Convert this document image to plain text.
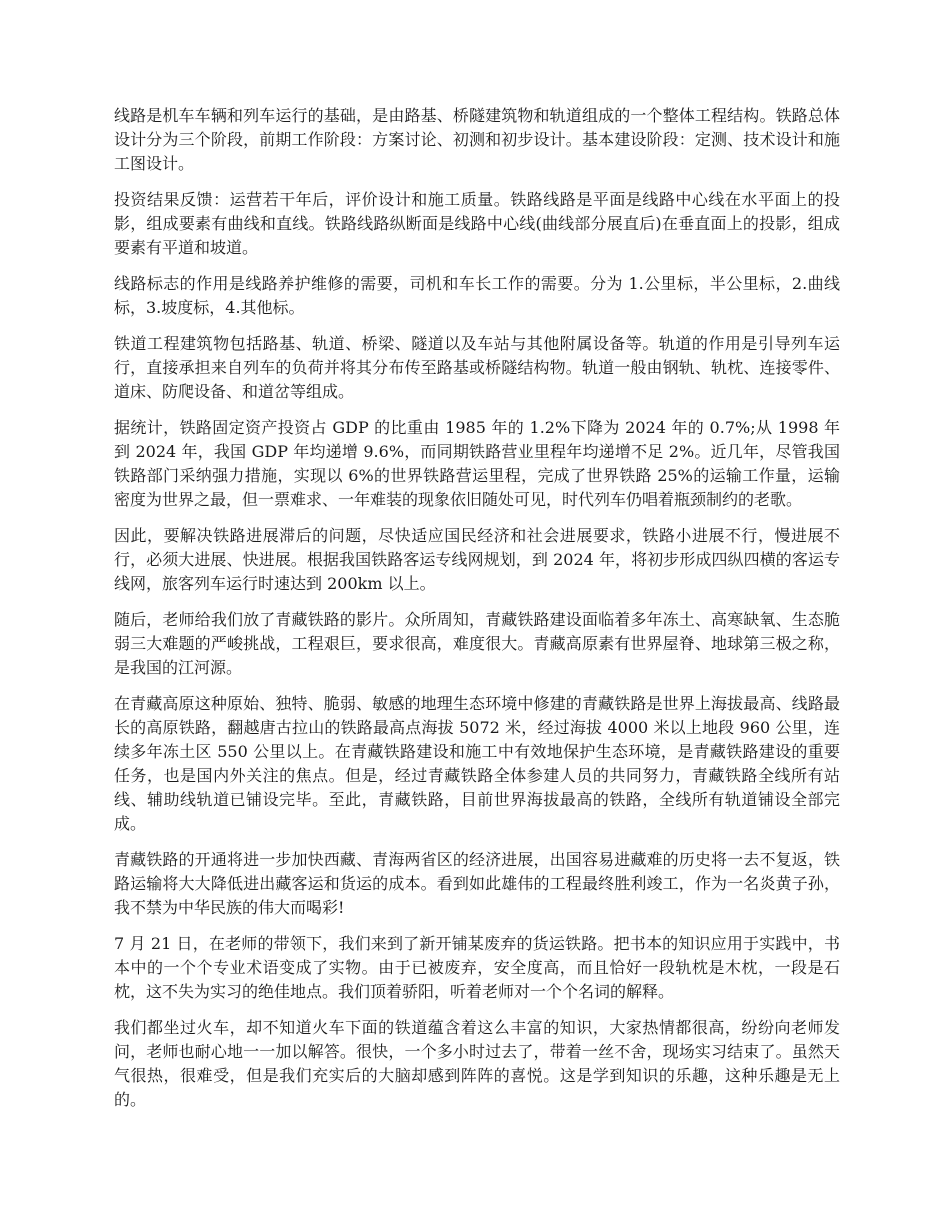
线路是机车车辆和列车运行的基础，是由路基、桥隧建筑物和轨道组成的一个整体工程结构。铁路总体设计分为三个阶段，前期工作阶段：方案讨论、初测和初步设计。基本建设阶段：定测、技术设计和施工图设计。

投资结果反馈：运营若干年后，评价设计和施工质量。铁路线路是平面是线路中心线在水平面上的投影，组成要素有曲线和直线。铁路线路纵断面是线路中心线(曲线部分展直后)在垂直面上的投影，组成要素有平道和坡道。

线路标志的作用是线路养护维修的需要，司机和车长工作的需要。分为 1.公里标，半公里标，2.曲线标，3.坡度标，4.其他标。

铁道工程建筑物包括路基、轨道、桥梁、隧道以及车站与其他附属设备等。轨道的作用是引导列车运行，直接承担来自列车的负荷并将其分布传至路基或桥隧结构物。轨道一般由钢轨、轨枕、连接零件、道床、防爬设备、和道岔等组成。

据统计，铁路固定资产投资占 GDP 的比重由 1985 年的 1.2%下降为 2024 年的 0.7%;从 1998 年到 2024 年，我国 GDP 年均递增 9.6%，而同期铁路营业里程年均递增不足 2%。近几年，尽管我国铁路部门采纳强力措施，实现以 6%的世界铁路营运里程，完成了世界铁路 25%的运输工作量，运输密度为世界之最，但一票难求、一年难装的现象依旧随处可见，时代列车仍唱着瓶颈制约的老歌。

因此，要解决铁路进展滞后的问题，尽快适应国民经济和社会进展要求，铁路小进展不行，慢进展不行，必须大进展、快进展。根据我国铁路客运专线网规划，到 2024 年，将初步形成四纵四横的客运专线网，旅客列车运行时速达到 200km 以上。

随后，老师给我们放了青藏铁路的影片。众所周知，青藏铁路建设面临着多年冻土、高寒缺氧、生态脆弱三大难题的严峻挑战，工程艰巨，要求很高，难度很大。青藏高原素有世界屋脊、地球第三极之称，是我国的江河源。

在青藏高原这种原始、独特、脆弱、敏感的地理生态环境中修建的青藏铁路是世界上海拔最高、线路最长的高原铁路，翻越唐古拉山的铁路最高点海拔 5072 米，经过海拔 4000 米以上地段 960 公里，连续多年冻土区 550 公里以上。在青藏铁路建设和施工中有效地保护生态环境，是青藏铁路建设的重要任务，也是国内外关注的焦点。但是，经过青藏铁路全体参建人员的共同努力，青藏铁路全线所有站线、辅助线轨道已铺设完毕。至此，青藏铁路，目前世界海拔最高的铁路，全线所有轨道铺设全部完成。

青藏铁路的开通将进一步加快西藏、青海两省区的经济进展，出国容易进藏难的历史将一去不复返，铁路运输将大大降低进出藏客运和货运的成本。看到如此雄伟的工程最终胜利竣工，作为一名炎黄子孙，我不禁为中华民族的伟大而喝彩!

7 月 21 日，在老师的带领下，我们来到了新开铺某废弃的货运铁路。把书本的知识应用于实践中，书本中的一个个专业术语变成了实物。由于已被废弃，安全度高，而且恰好一段轨枕是木枕，一段是石枕，这不失为实习的绝佳地点。我们顶着骄阳，听着老师对一个个名词的解释。

我们都坐过火车，却不知道火车下面的铁道蕴含着这么丰富的知识，大家热情都很高，纷纷向老师发问，老师也耐心地一一加以解答。很快，一个多小时过去了，带着一丝不舍，现场实习结束了。虽然天气很热，很难受，但是我们充实后的大脑却感到阵阵的喜悦。这是学到知识的乐趣，这种乐趣是无上的。
